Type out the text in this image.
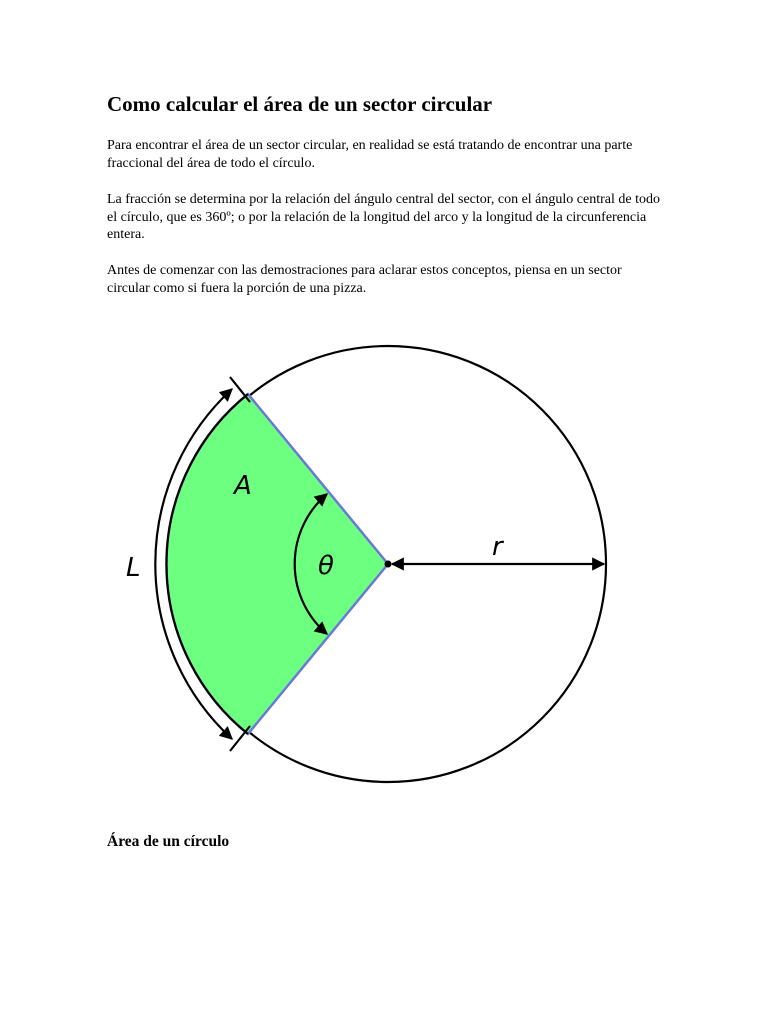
Como calcular el área de un sector circular

Para encontrar el área de un sector circular, en realidad se está tratando de encontrar una parte fraccional del área de todo el círculo.

La fracción se determina por la relación del ángulo central del sector, con el ángulo central de todo el círculo, que es 360º; o por la relación de la longitud del arco y la longitud de la circunferencia entera.

Antes de comenzar con las demostraciones para aclarar estos conceptos, piensa en un sector circular como si fuera la porción de una pizza.

A
θ
r
L
Área de un círculo
